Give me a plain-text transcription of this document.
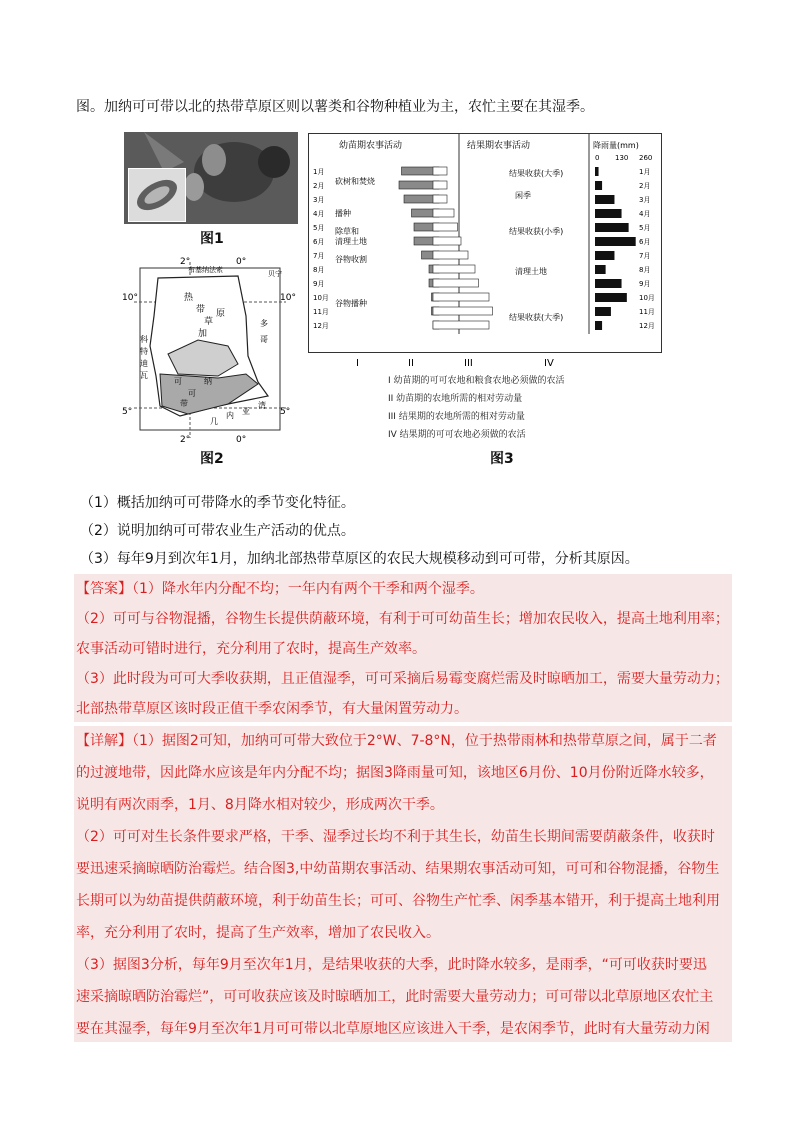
图。加纳可可带以北的热带草原区则以薯类和谷物种植业为主，农忙主要在其湿季。
图1
布基纳法索
10°	10°
5°	5°
0°
0°
2°
2°
热
带
草
原
加
科
特
迪
瓦
多
哥
可	纳
可
带
贝宁
几
内 亚
湾
图2
幼苗期农事活动	结果期农事活动	降雨量(mm)
0 130 260
1月
2月
3月
4月
5月
6月
7月
8月
9月
10月
11月
12月
1月
2月
3月
4月
5月
6月
7月
8月
9月
10月
11月
12月
砍树和焚烧
播种
除草和
清理土地
谷物收割
谷物播种
结果收获(大季)
闲季
结果收获(小季)
清理土地
结果收获(大季)
I	II	III	IV
I 幼苗期的可可农地和粮食农地必须做的农活
II 幼苗期的农地所需的相对劳动量
III 结果期的农地所需的相对劳动量
IV 结果期的可可农地必须做的农活
图3
（1）概括加纳可可带降水的季节变化特征。
（2）说明加纳可可带农业生产活动的优点。
（3）每年9月到次年1月，加纳北部热带草原区的农民大规模移动到可可带，分析其原因。
【答案】（1）降水年内分配不均；一年内有两个干季和两个湿季。
（2）可可与谷物混播，谷物生长提供荫蔽环境，有利于可可幼苗生长；增加农民收入，提高土地利用率；
农事活动可错时进行，充分利用了农时，提高生产效率。
（3）此时段为可可大季收获期，且正值湿季，可可采摘后易霉变腐烂需及时晾晒加工，需要大量劳动力；
北部热带草原区该时段正值干季农闲季节，有大量闲置劳动力。
【详解】（1）据图2可知，加纳可可带大致位于2°W、7-8°N，位于热带雨林和热带草原之间，属于二者
的过渡地带，因此降水应该是年内分配不均；据图3降雨量可知，该地区6月份、10月份附近降水较多，
说明有两次雨季，1月、8月降水相对较少，形成两次干季。
（2）可可对生长条件要求严格，干季、湿季过长均不利于其生长，幼苗生长期间需要荫蔽条件，收获时
要迅速采摘晾晒防治霉烂。结合图3,中幼苗期农事活动、结果期农事活动可知，可可和谷物混播，谷物生
长期可以为幼苗提供荫蔽环境，利于幼苗生长；可可、谷物生产忙季、闲季基本错开，利于提高土地利用
率，充分利用了农时，提高了生产效率，增加了农民收入。
（3）据图3分析，每年9月至次年1月，是结果收获的大季，此时降水较多，是雨季，“可可收获时要迅
速采摘晾晒防治霉烂”，可可收获应该及时晾晒加工，此时需要大量劳动力；可可带以北草原地区农忙主
要在其湿季，每年9月至次年1月可可带以北草原地区应该进入干季，是农闲季节，此时有大量劳动力闲
